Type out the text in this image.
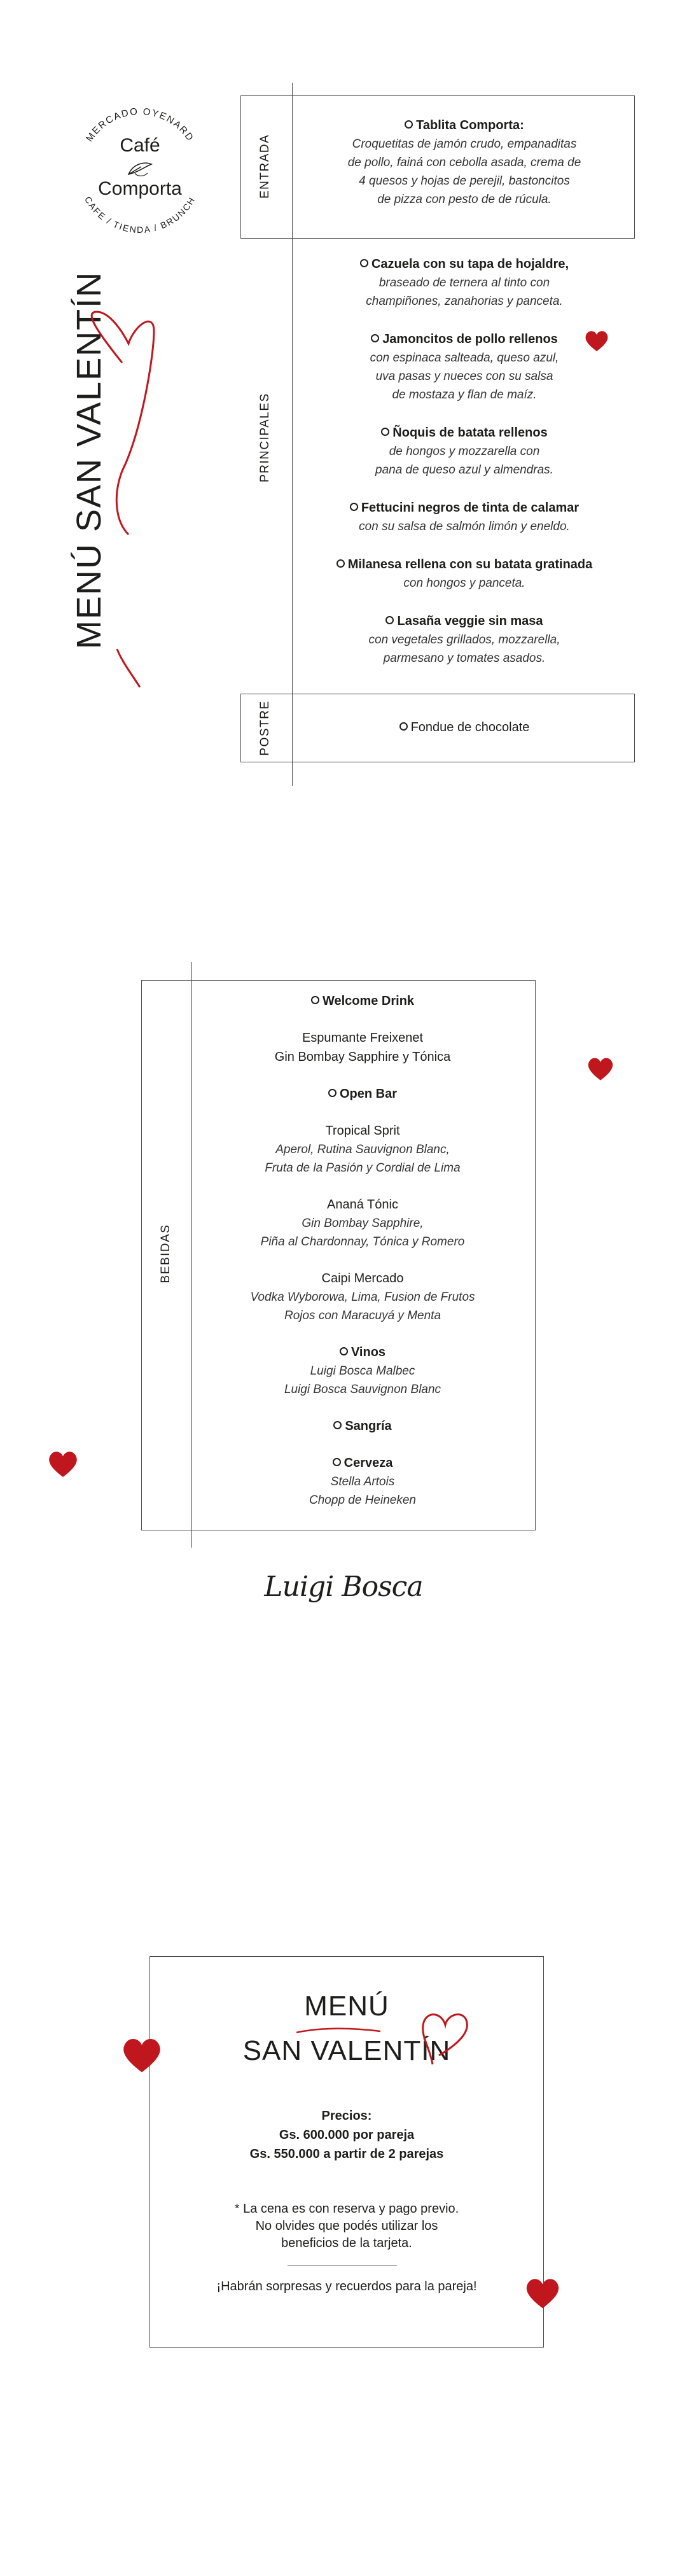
MERCADO OYENARD
CAFE / TIENDA / BRUNCH
Café
Comporta
MENÚ SAN VALENTÍN
ENTRADA
PRINCIPALES
POSTRE
Tablita Comporta:
Croquetitas de jamón crudo, empanaditas
de pollo, fainá con cebolla asada, crema de
4 quesos y hojas de perejil, bastoncitos
de pizza con pesto de de rúcula.
Cazuela con su tapa de hojaldre,
braseado de ternera al tinto con
champiñones, zanahorias y panceta.
Jamoncitos de pollo rellenos
con espinaca salteada, queso azul,
uva pasas y nueces con su salsa
de mostaza y flan de maíz.
Ñoquis de batata rellenos
de hongos y mozzarella con
pana de queso azul y almendras.
Fettucini negros de tinta de calamar
con su salsa de salmón limón y eneldo.
Milanesa rellena con su batata gratinada
con hongos y panceta.
Lasaña veggie sin masa
con vegetales grillados, mozzarella,
parmesano y tomates asados.
Fondue de chocolate
BEBIDAS
Welcome Drink
Espumante Freixenet
Gin Bombay Sapphire y Tónica
Open Bar
Tropical Sprit
Aperol, Rutina Sauvignon Blanc,
Fruta de la Pasión y Cordial de Lima
Ananá Tónic
Gin Bombay Sapphire,
Piña al Chardonnay, Tónica y Romero
Caipi Mercado
Vodka Wyborowa, Lima, Fusion de Frutos
Rojos con Maracuyá y Menta
Vinos
Luigi Bosca Malbec
Luigi Bosca Sauvignon Blanc
Sangría
Cerveza
Stella Artois
Chopp de Heineken
Luigi Bosca
MENÚ
SAN VALENTÍN
Precios:
Gs. 600.000 por pareja
Gs. 550.000 a partir de 2 parejas
* La cena es con reserva y pago previo.
No olvides que podés utilizar los
beneficios de la tarjeta.
¡Habrán sorpresas y recuerdos para la pareja!
